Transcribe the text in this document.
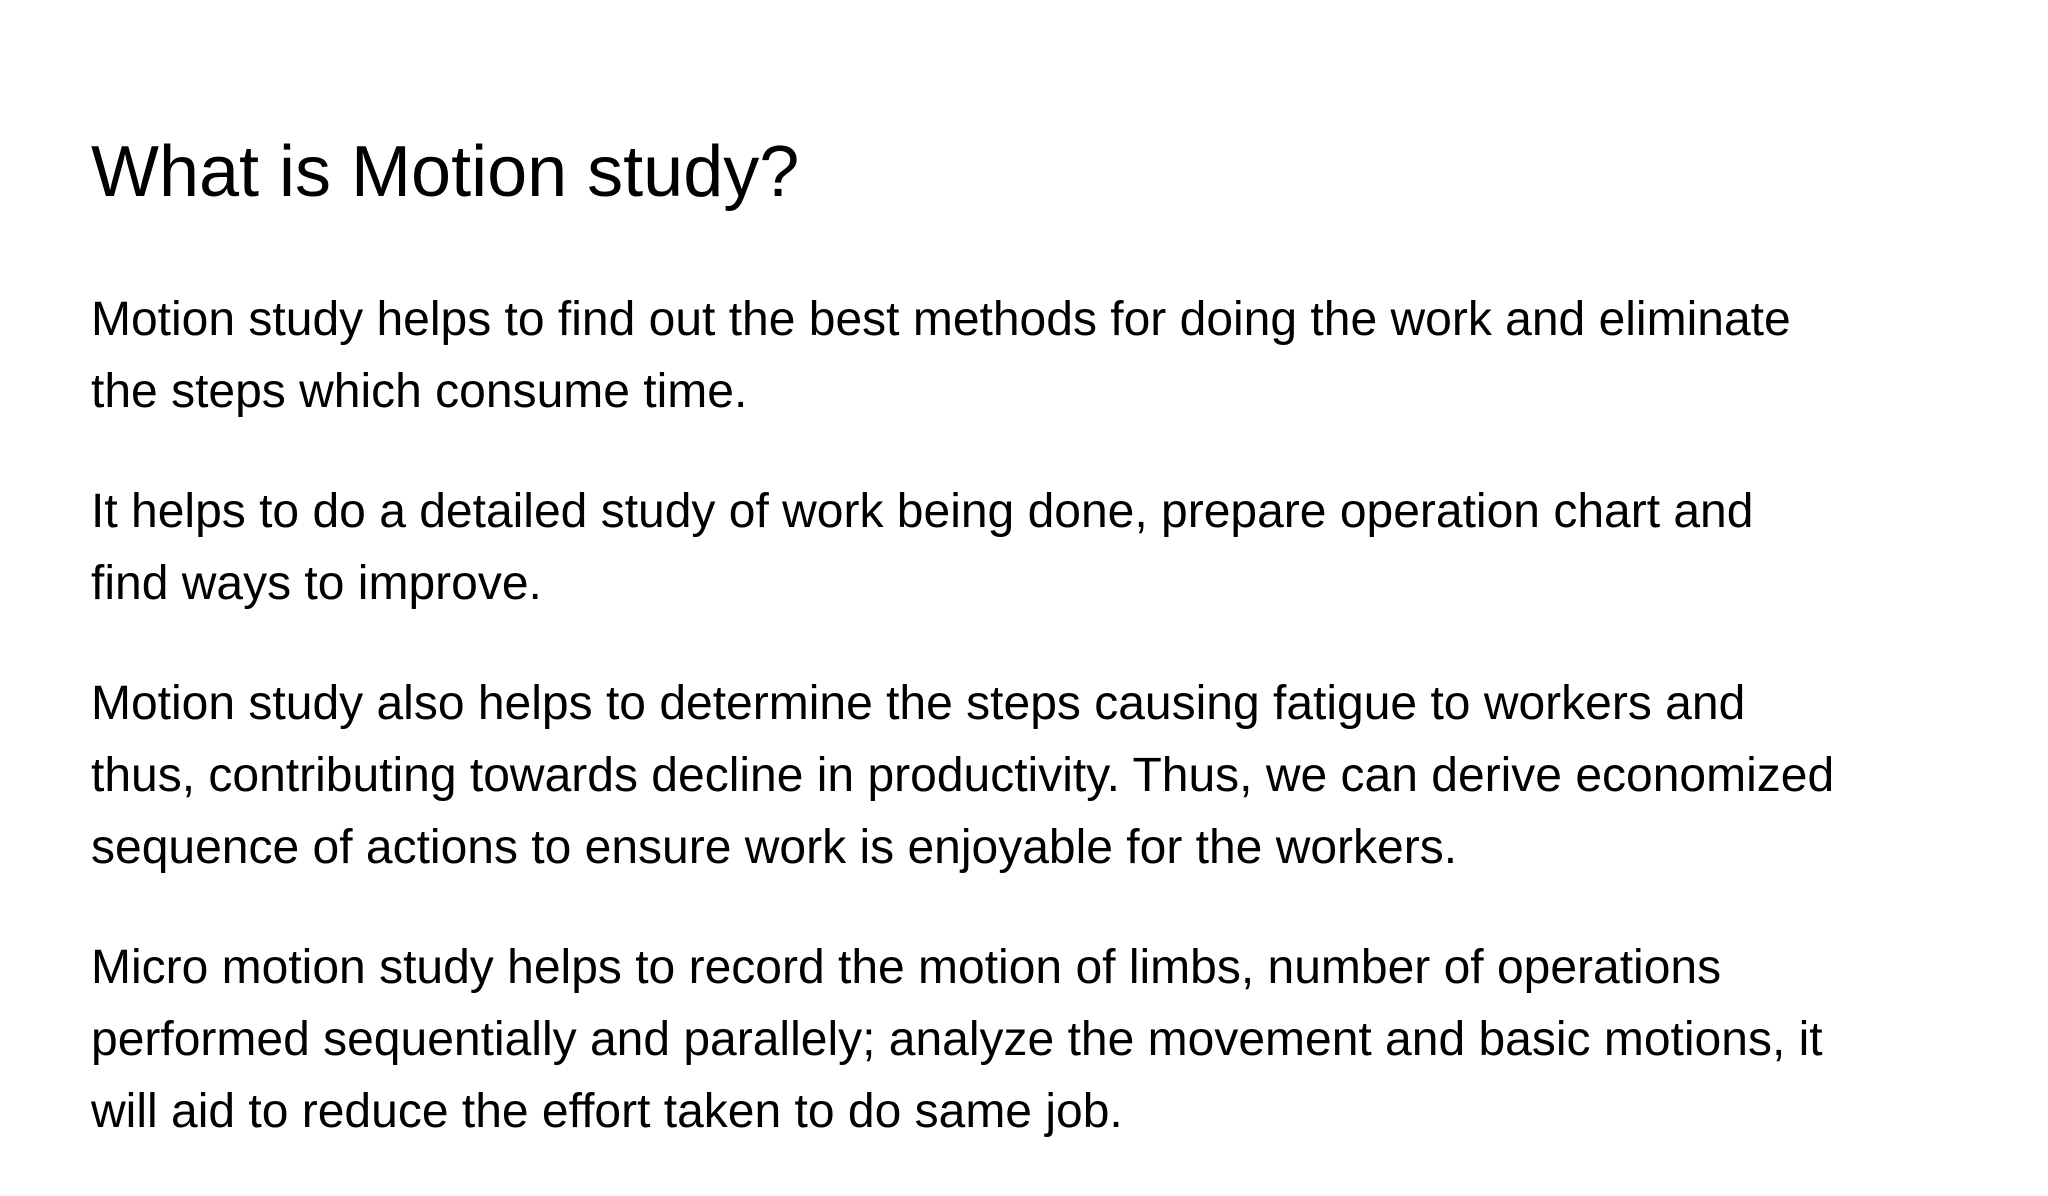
What is Motion study?

Motion study helps to find out the best methods for doing the work and eliminate
the steps which consume time.

It helps to do a detailed study of work being done, prepare operation chart and
find ways to improve.

Motion study also helps to determine the steps causing fatigue to workers and
thus, contributing towards decline in productivity. Thus, we can derive economized
sequence of actions to ensure work is enjoyable for the workers.

Micro motion study helps to record the motion of limbs, number of operations
performed sequentially and parallely; analyze the movement and basic motions, it
will aid to reduce the effort taken to do same job.
